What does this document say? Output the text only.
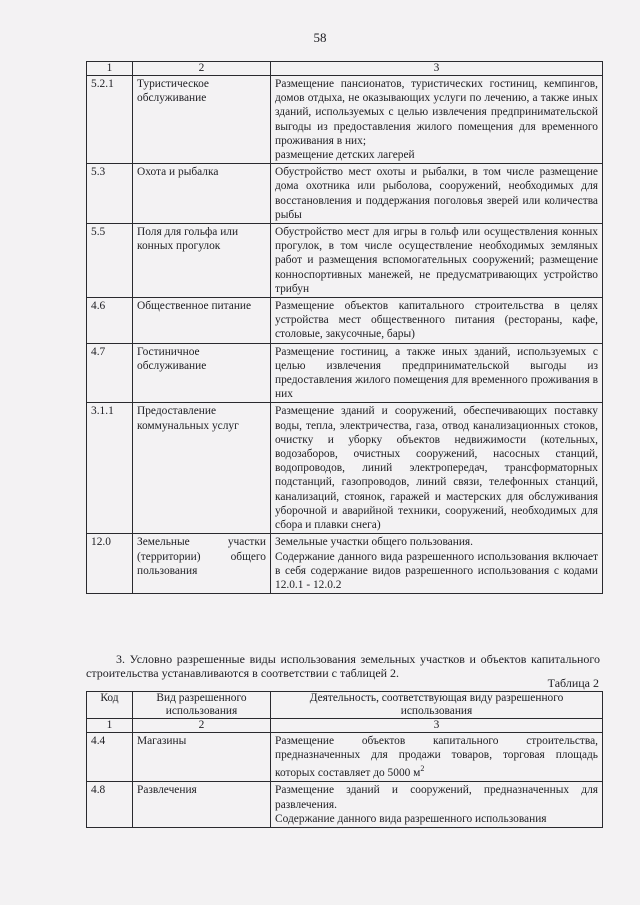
58
1	2	3
5.2.1	Туристическое обслуживание	Размещение пансионатов, туристических гостиниц, кемпингов, домов отдыха, не оказывающих услуги по лечению, а также иных зданий, используемых с целью извлечения предпринимательской выгоды из предоставления жилого помещения для временного проживания в них;
размещение детских лагерей

5.3	Охота и рыбалка	Обустройство мест охоты и рыбалки, в том числе размещение дома охотника или рыболова, сооружений, необходимых для восстановления и поддержания поголовья зверей или количества рыбы

5.5	Поля для гольфа или конных прогулок	Обустройство мест для игры в гольф или осуществления конных прогулок, в том числе осуществление необходимых земляных работ и размещения вспомогательных сооружений; размещение конноспортивных манежей, не предусматривающих устройство трибун

4.6	Общественное питание	Размещение объектов капитального строительства в целях устройства мест общественного питания (рестораны, кафе, столовые, закусочные, бары)

4.7	Гостиничное обслуживание	Размещение гостиниц, а также иных зданий, используемых с целью извлечения предпринимательской выгоды из предоставления жилого помещения для временного проживания в них

3.1.1	Предоставление коммунальных услуг	Размещение зданий и сооружений, обеспечивающих поставку воды, тепла, электричества, газа, отвод канализационных стоков, очистку и уборку объектов недвижимости (котельных, водозаборов, очистных сооружений, насосных станций, водопроводов, линий электропередач, трансформаторных подстанций, газопроводов, линий связи, телефонных станций, канализаций, стоянок, гаражей и мастерских для обслуживания уборочной и аварийной техники, сооружений, необходимых для сбора и плавки снега)

12.0	Земельные участки (территории) общего пользования	Земельные участки общего пользования.
Содержание данного вида разрешенного использования включает в себя содержание видов разрешенного использования с кодами 12.0.1 - 12.0.2
3. Условно разрешенные виды использования земельных участков и объектов капитального строительства устанавливаются в соответствии с таблицей 2.
Таблица 2
Код	Вид разрешенного использования	Деятельность, соответствующая виду разрешенного использования
1	2	3
4.4	Магазины	Размещение объектов капитального строительства, предназначенных для продажи товаров, торговая площадь которых составляет до 5000 $м^2$
4.8	Развлечения	Размещение зданий и сооружений, предназначенных для развлечения.
Содержание данного вида разрешенного использования
